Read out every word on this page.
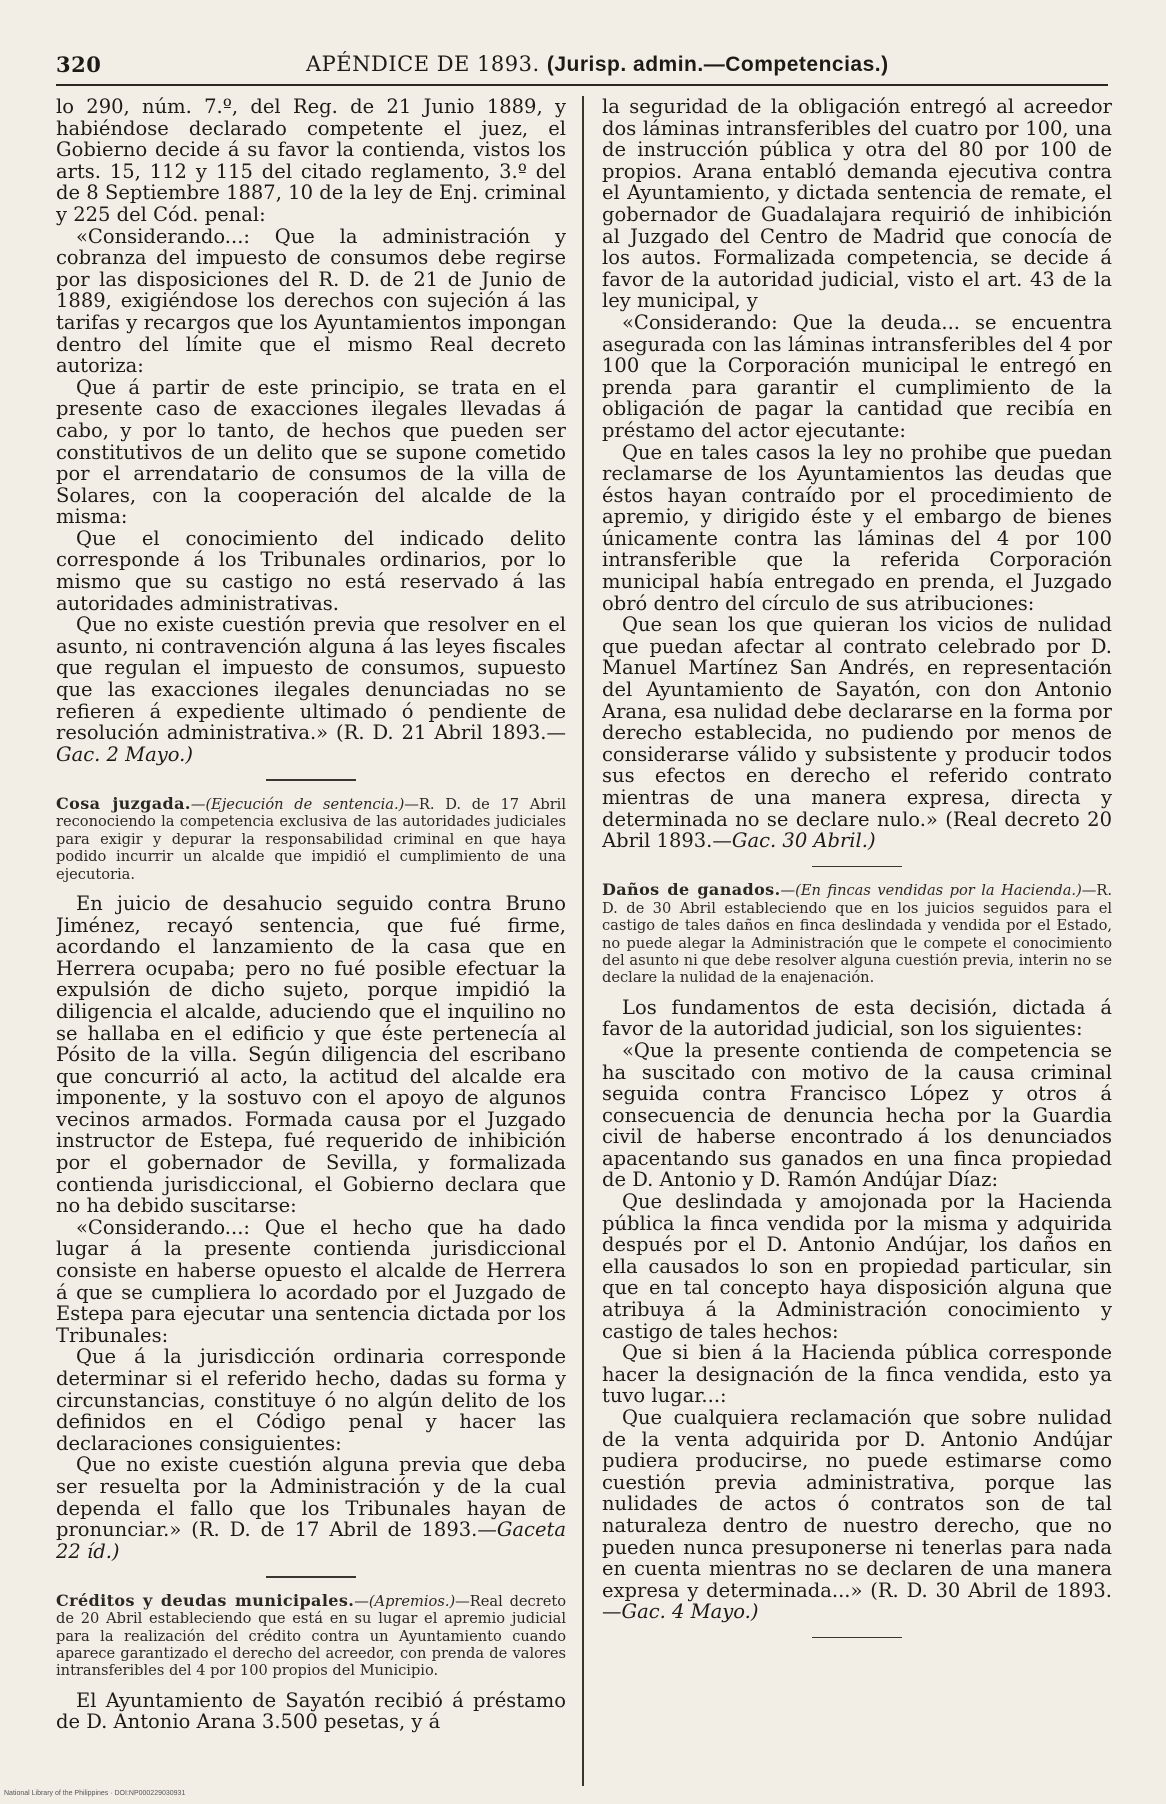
320	APÉNDICE DE 1893. (Jurisp. admin.—Competencias.)

lo 290, núm. 7.º, del Reg. de 21 Junio 1889, y habiéndose declarado competente el juez, el Gobierno decide á su favor la contienda, vistos los arts. 15, 112 y 115 del citado reglamento, 3.º del de 8 Septiembre 1887, 10 de la ley de Enj. criminal y 225 del Cód. penal:

«Considerando...: Que la administración y cobranza del impuesto de consumos debe regirse por las disposiciones del R. D. de 21 de Junio de 1889, exigiéndose los derechos con sujeción á las tarifas y recargos que los Ayuntamientos impongan dentro del límite que el mismo Real decreto autoriza:

Que á partir de este principio, se trata en el presente caso de exacciones ilegales llevadas á cabo, y por lo tanto, de hechos que pueden ser constitutivos de un delito que se supone cometido por el arrendatario de consumos de la villa de Solares, con la cooperación del alcalde de la misma:

Que el conocimiento del indicado delito corresponde á los Tribunales ordinarios, por lo mismo que su castigo no está reservado á las autoridades administrativas.

Que no existe cuestión previa que resolver en el asunto, ni contravención alguna á las leyes fiscales que regulan el impuesto de consumos, supuesto que las exacciones ilegales denunciadas no se refieren á expediente ultimado ó pendiente de resolución administrativa.» (R. D. 21 Abril 1893.—Gac. 2 Mayo.)

Cosa juzgada.—(Ejecución de sentencia.)—R. D. de 17 Abril reconociendo la competencia exclusiva de las autoridades judiciales para exigir y depurar la responsabilidad criminal en que haya podido incurrir un alcalde que impidió el cumplimiento de una ejecutoria.

En juicio de desahucio seguido contra Bruno Jiménez, recayó sentencia, que fué firme, acordando el lanzamiento de la casa que en Herrera ocupaba; pero no fué posible efectuar la expulsión de dicho sujeto, porque impidió la diligencia el alcalde, aduciendo que el inquilino no se hallaba en el edificio y que éste pertenecía al Pósito de la villa. Según diligencia del escribano que concurrió al acto, la actitud del alcalde era imponente, y la sostuvo con el apoyo de algunos vecinos armados. Formada causa por el Juzgado instructor de Estepa, fué requerido de inhibición por el gobernador de Sevilla, y formalizada contienda jurisdiccional, el Gobierno declara que no ha debido suscitarse:

«Considerando...: Que el hecho que ha dado lugar á la presente contienda jurisdiccional consiste en haberse opuesto el alcalde de Herrera á que se cumpliera lo acordado por el Juzgado de Estepa para ejecutar una sentencia dictada por los Tribunales:

Que á la jurisdicción ordinaria corresponde determinar si el referido hecho, dadas su forma y circunstancias, constituye ó no algún delito de los definidos en el Código penal y hacer las declaraciones consiguientes:

Que no existe cuestión alguna previa que deba ser resuelta por la Administración y de la cual dependa el fallo que los Tribunales hayan de pronunciar.» (R. D. de 17 Abril de 1893.—Gaceta 22 íd.)

Créditos y deudas municipales.—(Apremios.)—Real decreto de 20 Abril estableciendo que está en su lugar el apremio judicial para la realización del crédito contra un Ayuntamiento cuando aparece garantizado el derecho del acreedor, con prenda de valores intransferibles del 4 por 100 propios del Municipio.

El Ayuntamiento de Sayatón recibió á préstamo de D. Antonio Arana 3.500 pesetas, y á

la seguridad de la obligación entregó al acreedor dos láminas intransferibles del cuatro por 100, una de instrucción pública y otra del 80 por 100 de propios. Arana entabló demanda ejecutiva contra el Ayuntamiento, y dictada sentencia de remate, el gobernador de Guadalajara requirió de inhibición al Juzgado del Centro de Madrid que conocía de los autos. Formalizada competencia, se decide á favor de la autoridad judicial, visto el art. 43 de la ley municipal, y

«Considerando: Que la deuda... se encuentra asegurada con las láminas intransferibles del 4 por 100 que la Corporación municipal le entregó en prenda para garantir el cumplimiento de la obligación de pagar la cantidad que recibía en préstamo del actor ejecutante:

Que en tales casos la ley no prohibe que puedan reclamarse de los Ayuntamientos las deudas que éstos hayan contraído por el procedimiento de apremio, y dirigido éste y el embargo de bienes únicamente contra las láminas del 4 por 100 intransferible que la referida Corporación municipal había entregado en prenda, el Juzgado obró dentro del círculo de sus atribuciones:

Que sean los que quieran los vicios de nulidad que puedan afectar al contrato celebrado por D. Manuel Martínez San Andrés, en representación del Ayuntamiento de Sayatón, con don Antonio Arana, esa nulidad debe declararse en la forma por derecho establecida, no pudiendo por menos de considerarse válido y subsistente y producir todos sus efectos en derecho el referido contrato mientras de una manera expresa, directa y determinada no se declare nulo.» (Real decreto 20 Abril 1893.—Gac. 30 Abril.)

Daños de ganados.—(En fincas vendidas por la Hacienda.)—R. D. de 30 Abril estableciendo que en los juicios seguidos para el castigo de tales daños en finca deslindada y vendida por el Estado, no puede alegar la Administración que le compete el conocimiento del asunto ni que debe resolver alguna cuestión previa, interin no se declare la nulidad de la enajenación.

Los fundamentos de esta decisión, dictada á favor de la autoridad judicial, son los siguientes:

«Que la presente contienda de competencia se ha suscitado con motivo de la causa criminal seguida contra Francisco López y otros á consecuencia de denuncia hecha por la Guardia civil de haberse encontrado á los denunciados apacentando sus ganados en una finca propiedad de D. Antonio y D. Ramón Andújar Díaz:

Que deslindada y amojonada por la Hacienda pública la finca vendida por la misma y adquirida después por el D. Antonio Andújar, los daños en ella causados lo son en propiedad particular, sin que en tal concepto haya disposición alguna que atribuya á la Administración conocimiento y castigo de tales hechos:

Que si bien á la Hacienda pública corresponde hacer la designación de la finca vendida, esto ya tuvo lugar...:

Que cualquiera reclamación que sobre nulidad de la venta adquirida por D. Antonio Andújar pudiera producirse, no puede estimarse como cuestión previa administrativa, porque las nulidades de actos ó contratos son de tal naturaleza dentro de nuestro derecho, que no pueden nunca presuponerse ni tenerlas para nada en cuenta mientras no se declaren de una manera expresa y determinada...» (R. D. 30 Abril de 1893.—Gac. 4 Mayo.)

National Library of the Philippines · DOI:NP000229030931
